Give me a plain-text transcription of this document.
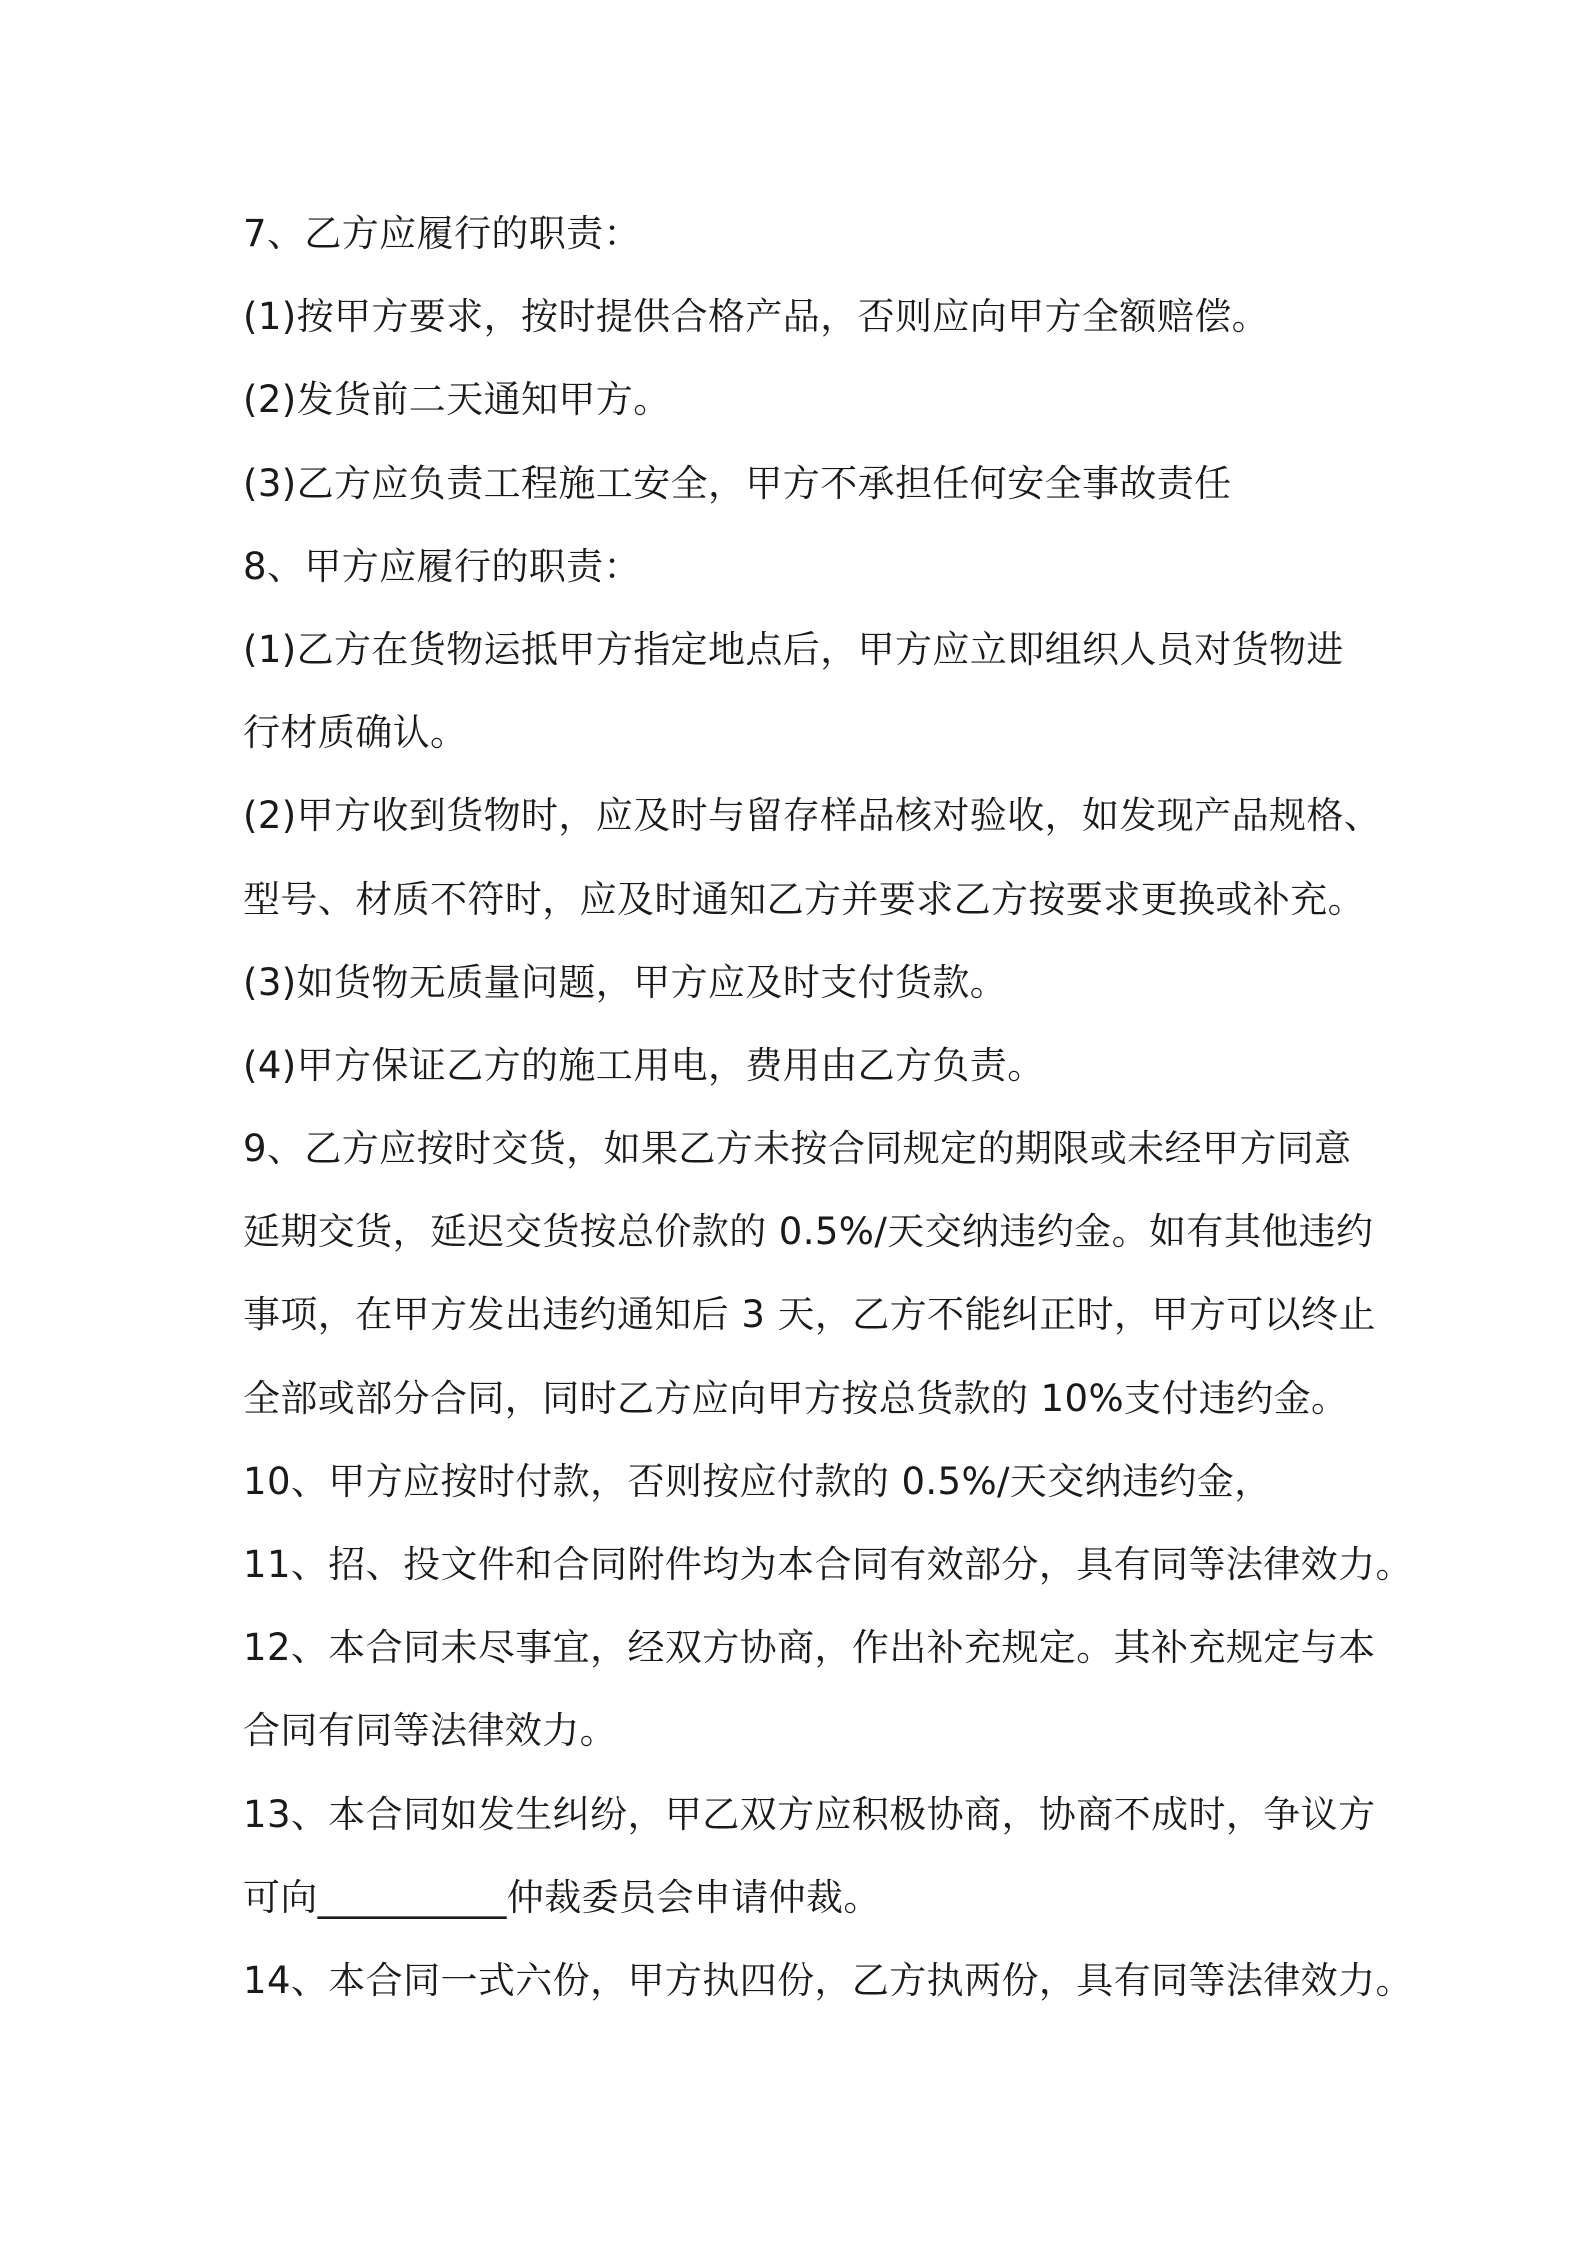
7、乙方应履行的职责：
(1)按甲方要求，按时提供合格产品，否则应向甲方全额赔偿。
(2)发货前二天通知甲方。
(3)乙方应负责工程施工安全，甲方不承担任何安全事故责任
8、甲方应履行的职责：
(1)乙方在货物运抵甲方指定地点后，甲方应立即组织人员对货物进
行材质确认。
(2)甲方收到货物时，应及时与留存样品核对验收，如发现产品规格、
型号、材质不符时，应及时通知乙方并要求乙方按要求更换或补充。
(3)如货物无质量问题，甲方应及时支付货款。
(4)甲方保证乙方的施工用电，费用由乙方负责。
9、乙方应按时交货，如果乙方未按合同规定的期限或未经甲方同意
延期交货，延迟交货按总价款的 0.5%/天交纳违约金。如有其他违约
事项，在甲方发出违约通知后 3 天，乙方不能纠正时，甲方可以终止
全部或部分合同，同时乙方应向甲方按总货款的 10%支付违约金。
10、甲方应按时付款，否则按应付款的 0.5%/天交纳违约金，
11、招、投文件和合同附件均为本合同有效部分，具有同等法律效力。
12、本合同未尽事宜，经双方协商，作出补充规定。其补充规定与本
合同有同等法律效力。
13、本合同如发生纠纷，甲乙双方应积极协商，协商不成时，争议方
可向__________仲裁委员会申请仲裁。
14、本合同一式六份，甲方执四份，乙方执两份，具有同等法律效力。
